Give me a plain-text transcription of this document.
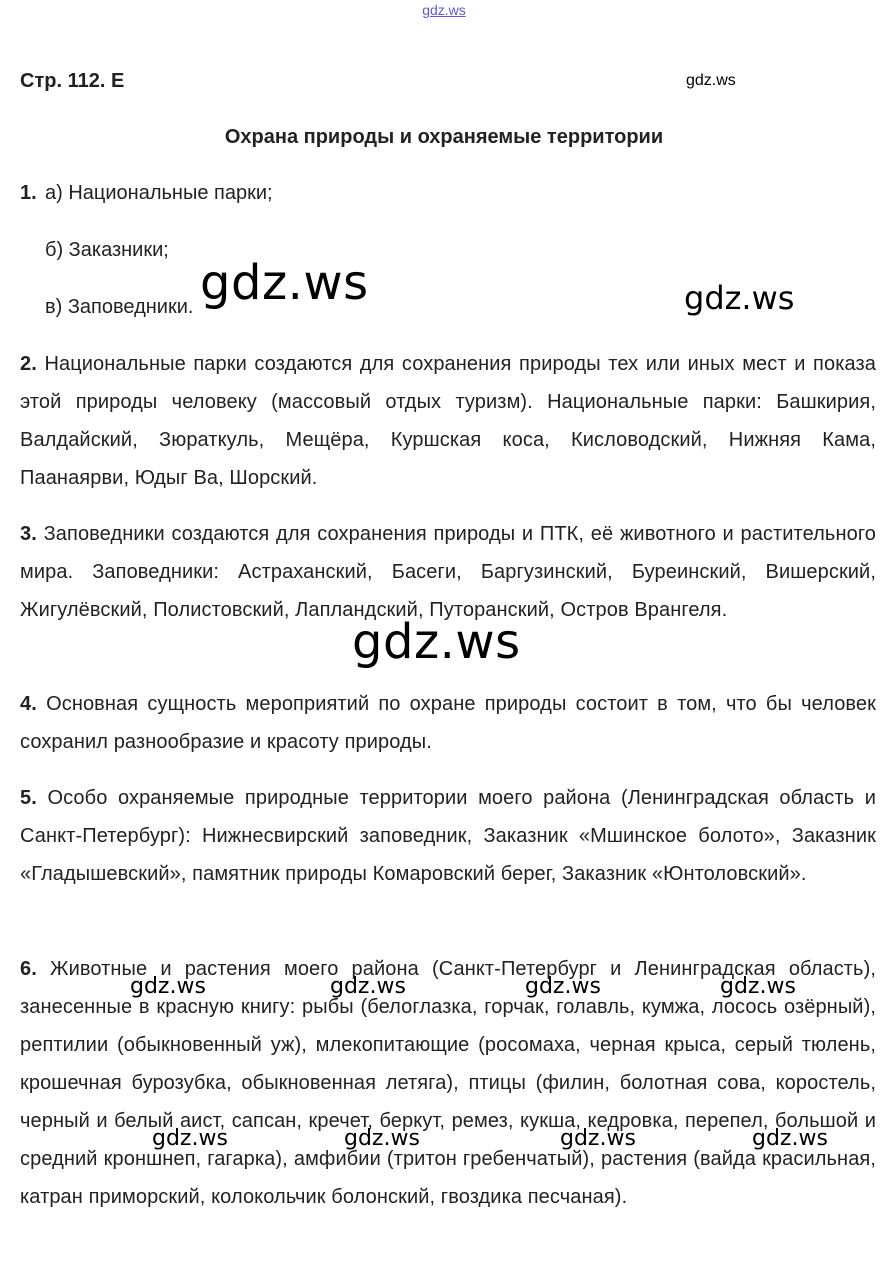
gdz.ws
Стр. 112. Е	gdz.ws
Охрана природы и охраняемые территории
1. а) Национальные парки;
б) Заказники;
в) Заповедники. gdz.ws	gdz.ws
2. Национальные парки создаются для сохранения природы тех или иных мест и показа этой природы человеку (массовый отдых туризм). Национальные парки: Башкирия, Валдайский, Зюраткуль, Мещёра, Куршская коса, Кисловодский, Нижняя Кама, Паанаярви, Юдыг Ва, Шорский.
3. Заповедники создаются для сохранения природы и ПТК, её животного и растительного мира. Заповедники: Астраханский, Басеги, Баргузинский, Буреинский, Вишерский, Жигулёвский, Полистовский, Лапландский, Путоранский, Остров Врангеля.
gdz.ws
4. Основная сущность мероприятий по охране природы состоит в том, что бы человек сохранил разнообразие и красоту природы.
5. Особо охраняемые природные территории моего района (Ленинградская область и Санкт-Петербург): Нижнесвирский заповедник, Заказник «Мшинское болото», Заказник «Гладышевский», памятник природы Комаровский берег, Заказник «Юнтоловский».
6. Животные и растения моего района (Санкт-Петербург и Ленинградская область), занесенные в красную книгу: рыбы (белоглазка, горчак, голавль, кумжа, лосось озёрный), рептилии (обыкновенный уж), млекопитающие (росомаха, черная крыса, серый тюлень, крошечная бурозубка, обыкновенная летяга), птицы (филин, болотная сова, коростель, черный и белый аист, сапсан, кречет, беркут, ремез, кукша, кедровка, перепел, большой и средний кроншнеп, гагарка), амфибии (тритон гребенчатый), растения (вайда красильная, катран приморский, колокольчик болонский, гвоздика песчаная).
gdz.ws	gdz.ws	gdz.ws	gdz.ws
gdz.ws	gdz.ws	gdz.ws	gdz.ws
